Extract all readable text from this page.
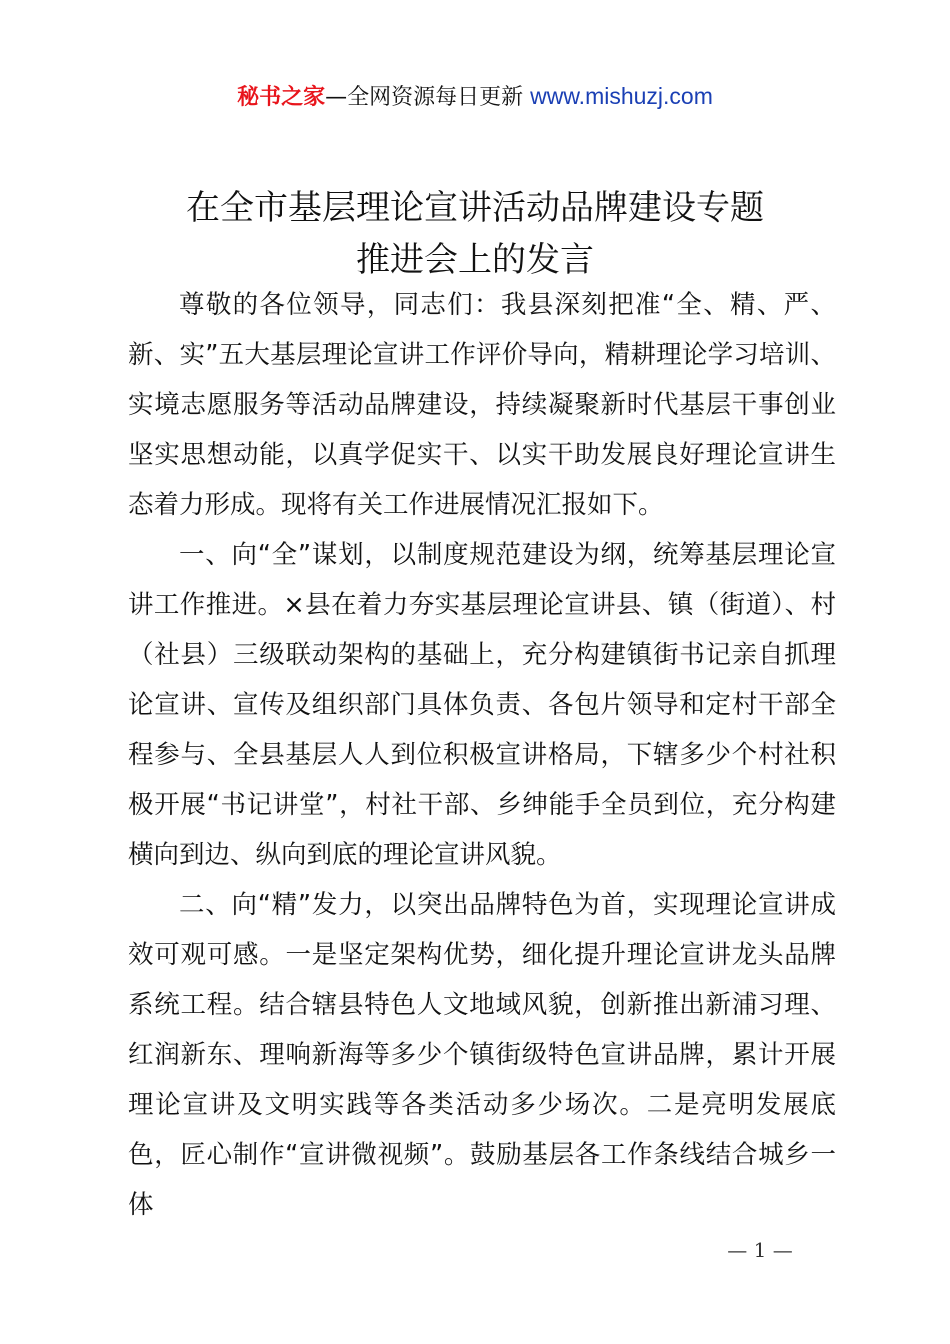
秘书之家—全网资源每日更新 www.mishuzj.com
在全市基层理论宣讲活动品牌建设专题
推进会上的发言

尊敬的各位领导，同志们：我县深刻把准“全、精、严、新、实”五大基层理论宣讲工作评价导向，精耕理论学习培训、实境志愿服务等活动品牌建设，持续凝聚新时代基层干事创业坚实思想动能，以真学促实干、以实干助发展良好理论宣讲生态着力形成。现将有关工作进展情况汇报如下。

一、向“全”谋划，以制度规范建设为纲，统筹基层理论宣讲工作推进。×县在着力夯实基层理论宣讲县、镇（街道）、村（社县）三级联动架构的基础上，充分构建镇街书记亲自抓理论宣讲、宣传及组织部门具体负责、各包片领导和定村干部全程参与、全县基层人人到位积极宣讲格局，下辖多少个村社积极开展“书记讲堂”，村社干部、乡绅能手全员到位，充分构建横向到边、纵向到底的理论宣讲风貌。

二、向“精”发力，以突出品牌特色为首，实现理论宣讲成效可观可感。一是坚定架构优势，细化提升理论宣讲龙头品牌系统工程。结合辖县特色人文地域风貌，创新推出新浦习理、红润新东、理响新海等多少个镇街级特色宣讲品牌，累计开展理论宣讲及文明实践等各类活动多少场次。二是亮明发展底色，匠心制作“宣讲微视频”。鼓励基层各工作条线结合城乡一体

— 1 —
